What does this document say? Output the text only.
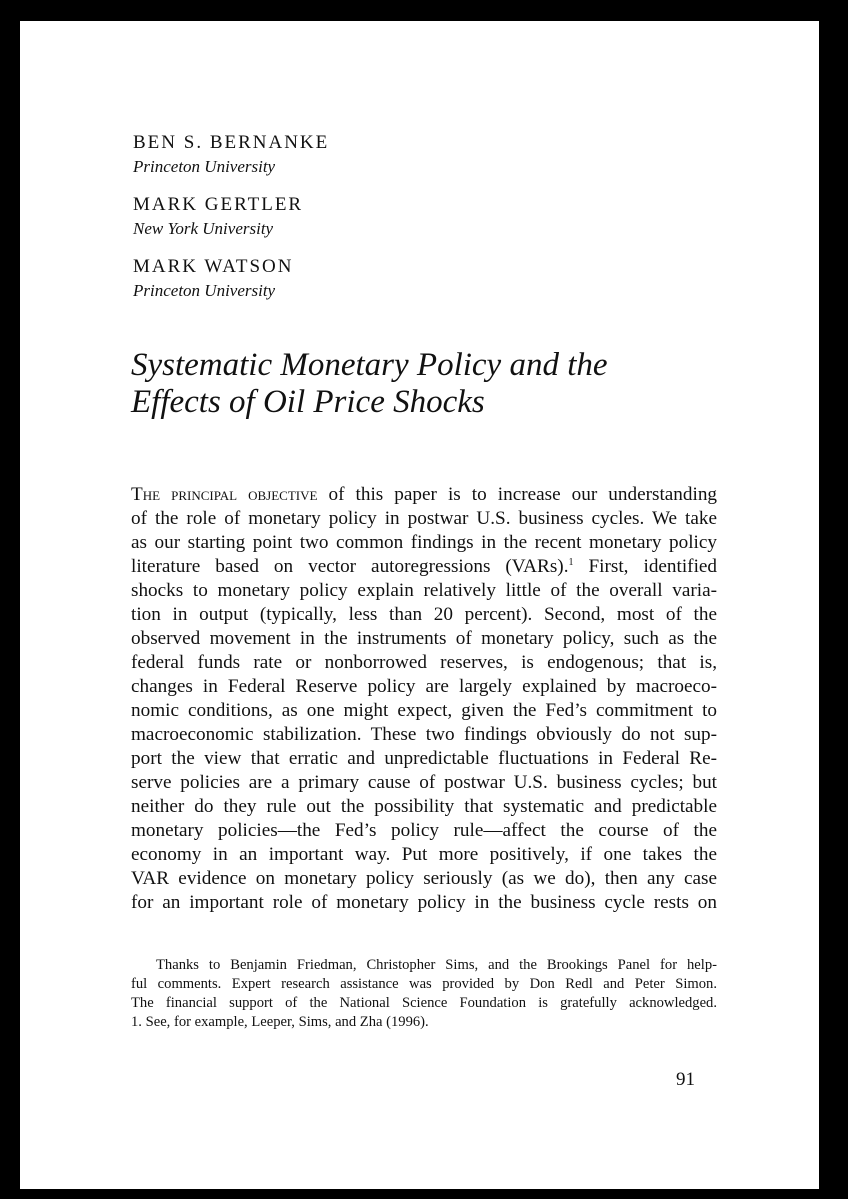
BEN S. BERNANKE
Princeton University
MARK GERTLER
New York University
MARK WATSON
Princeton University
Systematic Monetary Policy and the
Effects of Oil Price Shocks
The principal objective of this paper is to increase our understanding
of the role of monetary policy in postwar U.S. business cycles. We take
as our starting point two common findings in the recent monetary policy
literature based on vector autoregressions (VARs).$^1$ First, identified
shocks to monetary policy explain relatively little of the overall varia-
tion in output (typically, less than 20 percent). Second, most of the
observed movement in the instruments of monetary policy, such as the
federal funds rate or nonborrowed reserves, is endogenous; that is,
changes in Federal Reserve policy are largely explained by macroeco-
nomic conditions, as one might expect, given the Fed’s commitment to
macroeconomic stabilization. These two findings obviously do not sup-
port the view that erratic and unpredictable fluctuations in Federal Re-
serve policies are a primary cause of postwar U.S. business cycles; but
neither do they rule out the possibility that systematic and predictable
monetary policies—the Fed’s policy rule—affect the course of the
economy in an important way. Put more positively, if one takes the
VAR evidence on monetary policy seriously (as we do), then any case
for an important role of monetary policy in the business cycle rests on
Thanks to Benjamin Friedman, Christopher Sims, and the Brookings Panel for help-
ful comments. Expert research assistance was provided by Don Redl and Peter Simon.
The financial support of the National Science Foundation is gratefully acknowledged.
1. See, for example, Leeper, Sims, and Zha (1996).
91
